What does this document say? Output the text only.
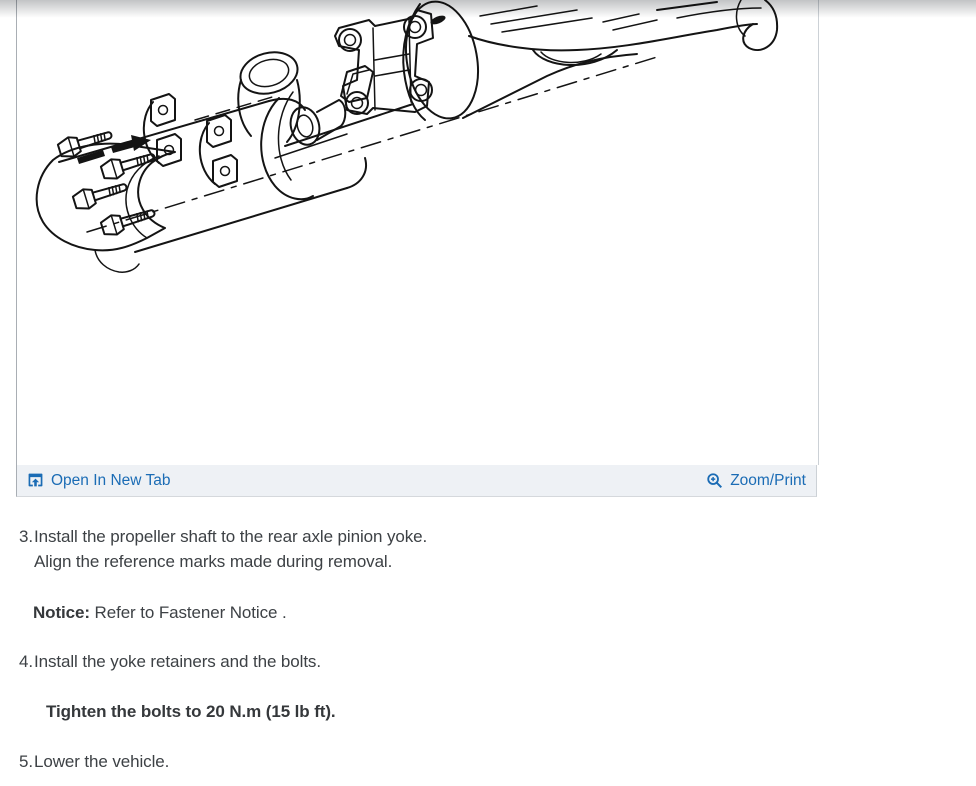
Open In New Tab	Zoom/Print
3.Install the propeller shaft to the rear axle pinion yoke.
Align the reference marks made during removal.
Notice: Refer to Fastener Notice .
4.Install the yoke retainers and the bolts.
Tighten the bolts to 20 N.m (15 lb ft).
5.Lower the vehicle.
